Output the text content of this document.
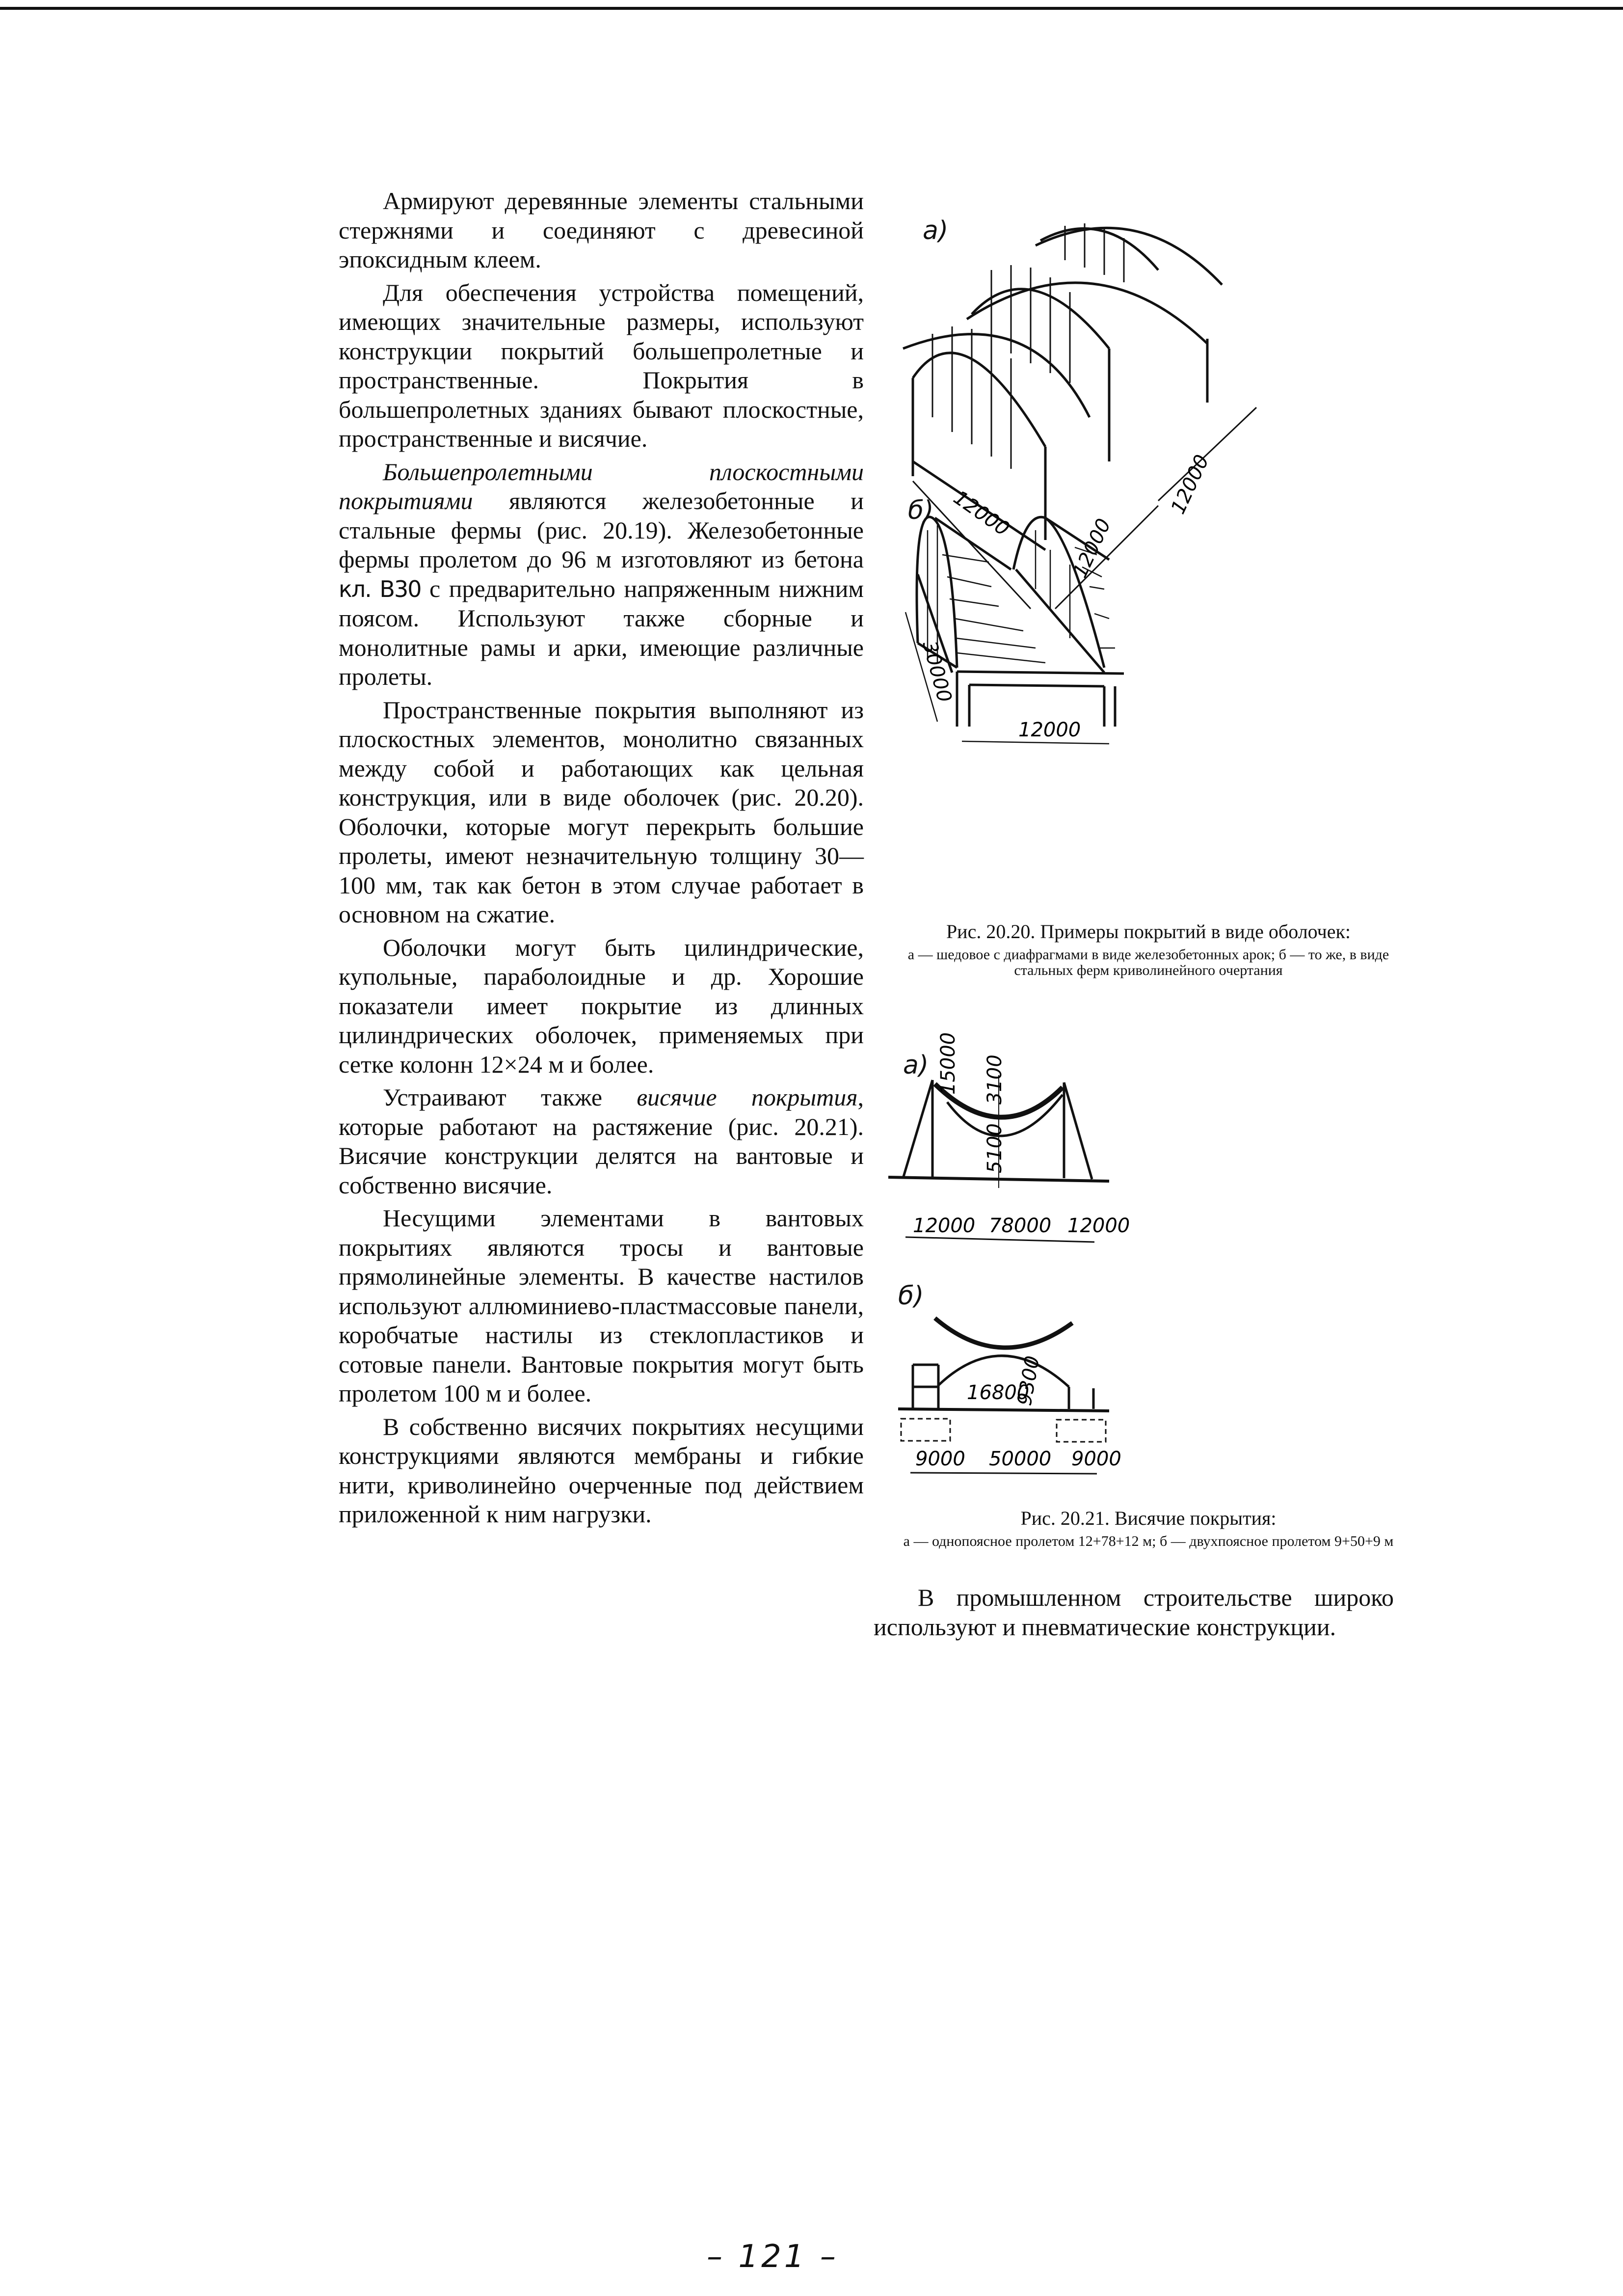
Армируют деревянные элементы стальными стержнями и соединяют с древесиной эпоксидным клеем.

Для обеспечения устройства помещений, имеющих значительные размеры, используют конструкции покрытий большепролетные и пространственные. Покрытия в большепролетных зданиях бывают плоскостные, пространственные и висячие.

Большепролетными плоскостными покрытиями являются железобетонные и стальные фермы (рис. 20.19). Железобетонные фермы пролетом до 96 м изготовляют из бетона кл. В30 с предварительно напряженным нижним поясом. Используют также сборные и монолитные рамы и арки, имеющие различные пролеты.

Пространственные покрытия выполняют из плоскостных элементов, монолитно связанных между собой и работающих как цельная конструкция, или в виде оболочек (рис. 20.20). Оболочки, которые могут перекрыть большие пролеты, имеют незначительную толщину 30—100 мм, так как бетон в этом случае работает в основном на сжатие.

Оболочки могут быть цилиндрические, купольные, параболоидные и др. Хорошие показатели имеет покрытие из длинных цилиндрических оболочек, применяемых при сетке колонн 12×24 м и более.

Устраивают также висячие покрытия, которые работают на растяжение (рис. 20.21). Висячие конструкции делятся на вантовые и собственно висячие.

Несущими элементами в вантовых покрытиях являются тросы и вантовые прямолинейные элементы. В качестве настилов используют аллюминиево-пластмассовые панели, коробчатые настилы из стеклопластиков и сотовые панели. Вантовые покрытия могут быть пролетом 100 м и более.

В собственно висячих покрытиях несущими конструкциями являются мембраны и гибкие нити, криволинейно очерченные под действием приложенной к ним нагрузки.

а)
12000
12000
12000
б)
30000
12000
Рис. 20.20. Примеры покрытий в виде оболочек:
а — шедовое с диафрагмами в виде железобетонных арок; б — то же, в виде стальных ферм криволинейного очертания
а) 15000 3100
5100
12000 78000 12000
б)
16800
9300
9000 50000 9000
Рис. 20.21. Висячие покрытия:
а — однопоясное пролетом 12+78+12 м; б — двухпоясное пролетом 9+50+9 м

В промышленном строительстве широко используют и пневматические конструкции.

– 121 –
